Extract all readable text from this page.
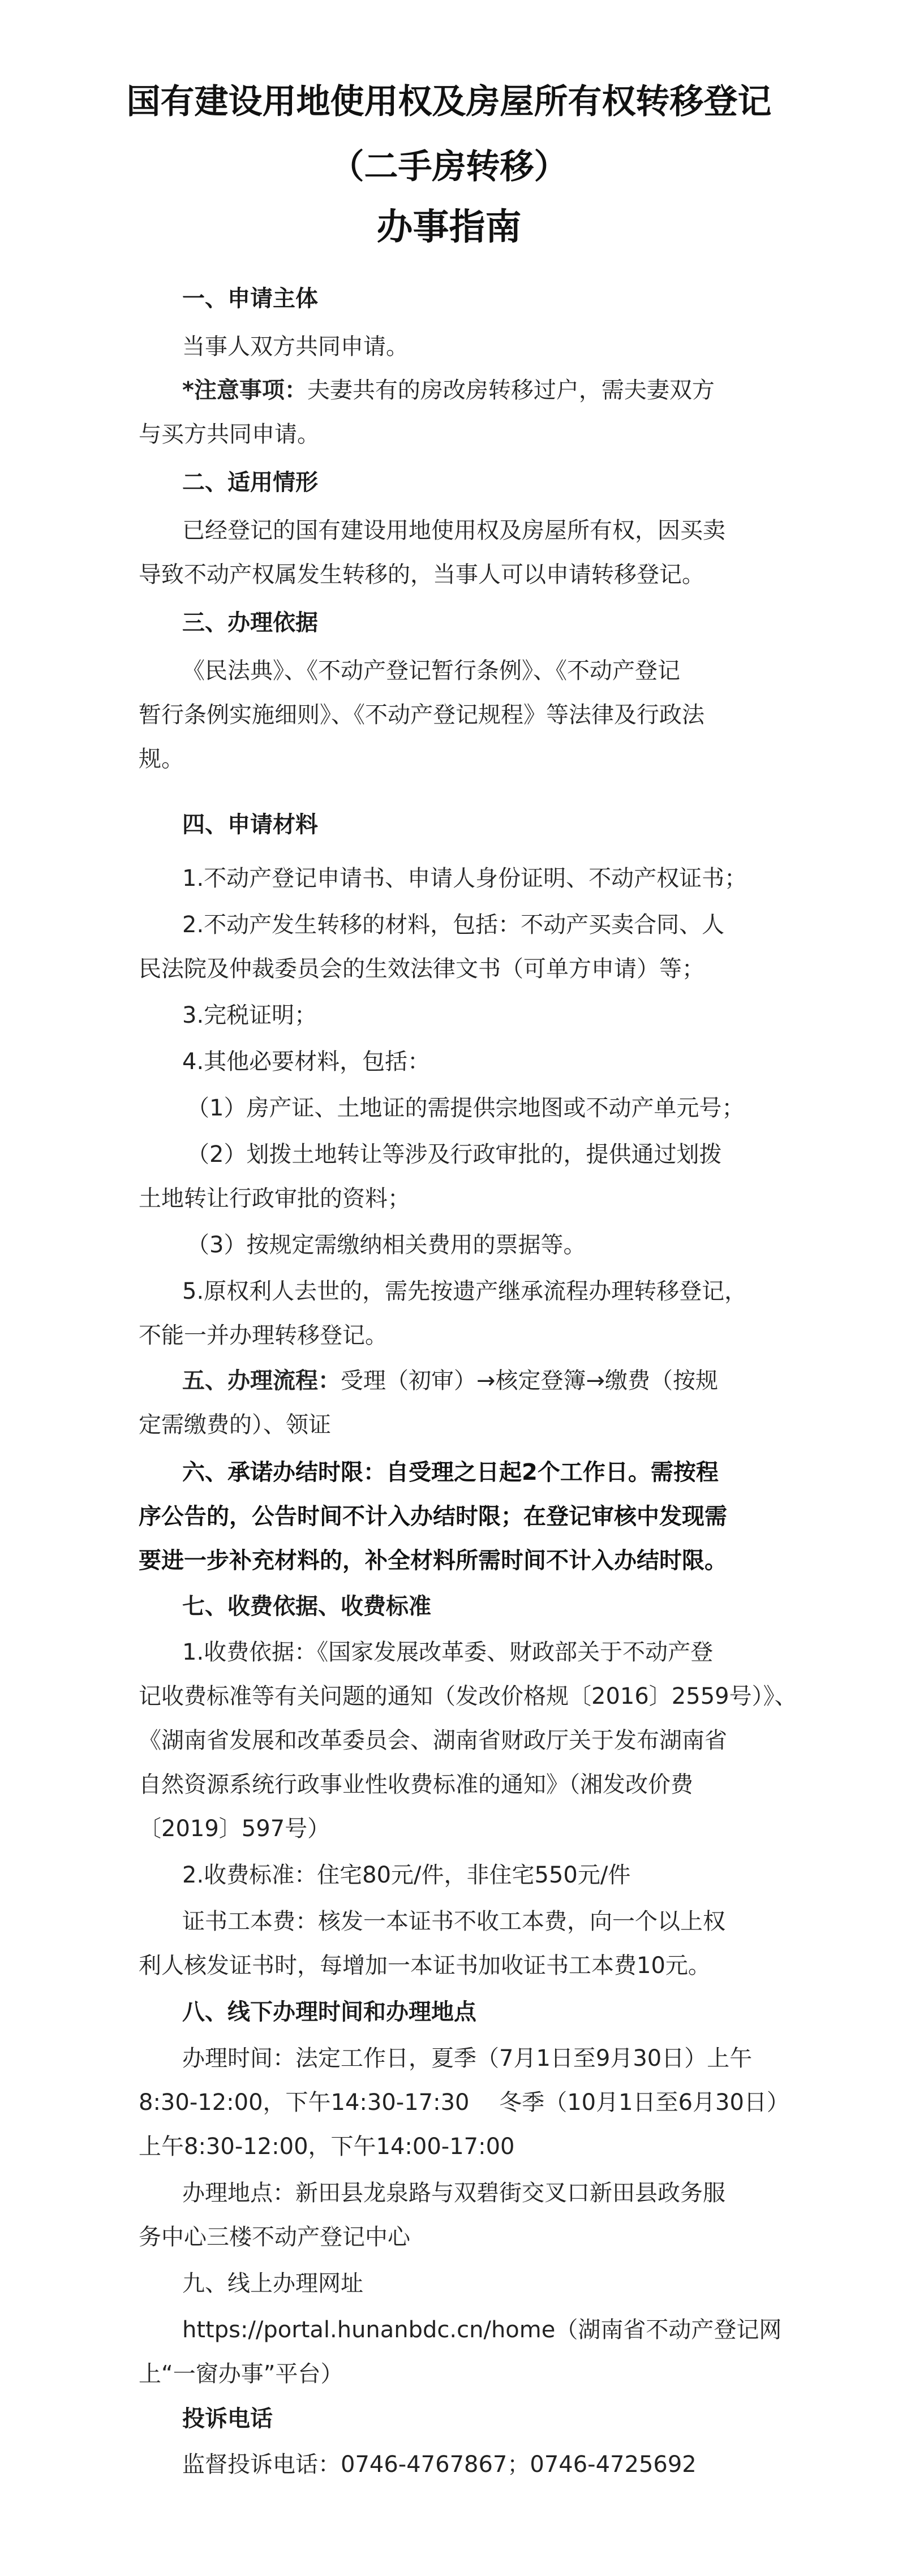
国有建设用地使用权及房屋所有权转移登记
（二手房转移）
办事指南
一、申请主体
当事人双方共同申请。
*注意事项：夫妻共有的房改房转移过户，需夫妻双方
与买方共同申请。
二、适用情形
已经登记的国有建设用地使用权及房屋所有权，因买卖
导致不动产权属发生转移的，当事人可以申请转移登记。
三、办理依据
《民法典》、《不动产登记暂行条例》、《不动产登记
暂行条例实施细则》、《不动产登记规程》等法律及行政法
规。
四、申请材料
1.不动产登记申请书、申请人身份证明、不动产权证书；
2.不动产发生转移的材料，包括：不动产买卖合同、人
民法院及仲裁委员会的生效法律文书（可单方申请）等；
3.完税证明；
4.其他必要材料，包括：
（1）房产证、土地证的需提供宗地图或不动产单元号；
（2）划拨土地转让等涉及行政审批的，提供通过划拨
土地转让行政审批的资料；
（3）按规定需缴纳相关费用的票据等。
5.原权利人去世的，需先按遗产继承流程办理转移登记，
不能一并办理转移登记。
五、办理流程：受理（初审）→核定登簿→缴费（按规
定需缴费的）、领证
六、承诺办结时限：自受理之日起2个工作日。需按程
序公告的，公告时间不计入办结时限；在登记审核中发现需
要进一步补充材料的，补全材料所需时间不计入办结时限。
七、收费依据、收费标准
1.收费依据：《国家发展改革委、财政部关于不动产登
记收费标准等有关问题的通知（发改价格规〔2016〕2559号）》、
《湖南省发展和改革委员会、湖南省财政厅关于发布湖南省
自然资源系统行政事业性收费标准的通知》（湘发改价费
〔2019〕597号）
2.收费标准：住宅80元/件，非住宅550元/件
证书工本费：核发一本证书不收工本费，向一个以上权
利人核发证书时，每增加一本证书加收证书工本费10元。
八、线下办理时间和办理地点
办理时间：法定工作日，夏季（7月1日至9月30日）上午
8:30-12:00，下午14:30-17:30　 冬季（10月1日至6月30日）
上午8:30-12:00，下午14:00-17:00
办理地点：新田县龙泉路与双碧街交叉口新田县政务服
务中心三楼不动产登记中心
九、线上办理网址
https://portal.hunanbdc.cn/home（湖南省不动产登记网
上“一窗办事”平台）
投诉电话
监督投诉电话：0746-4767867；0746-4725692
